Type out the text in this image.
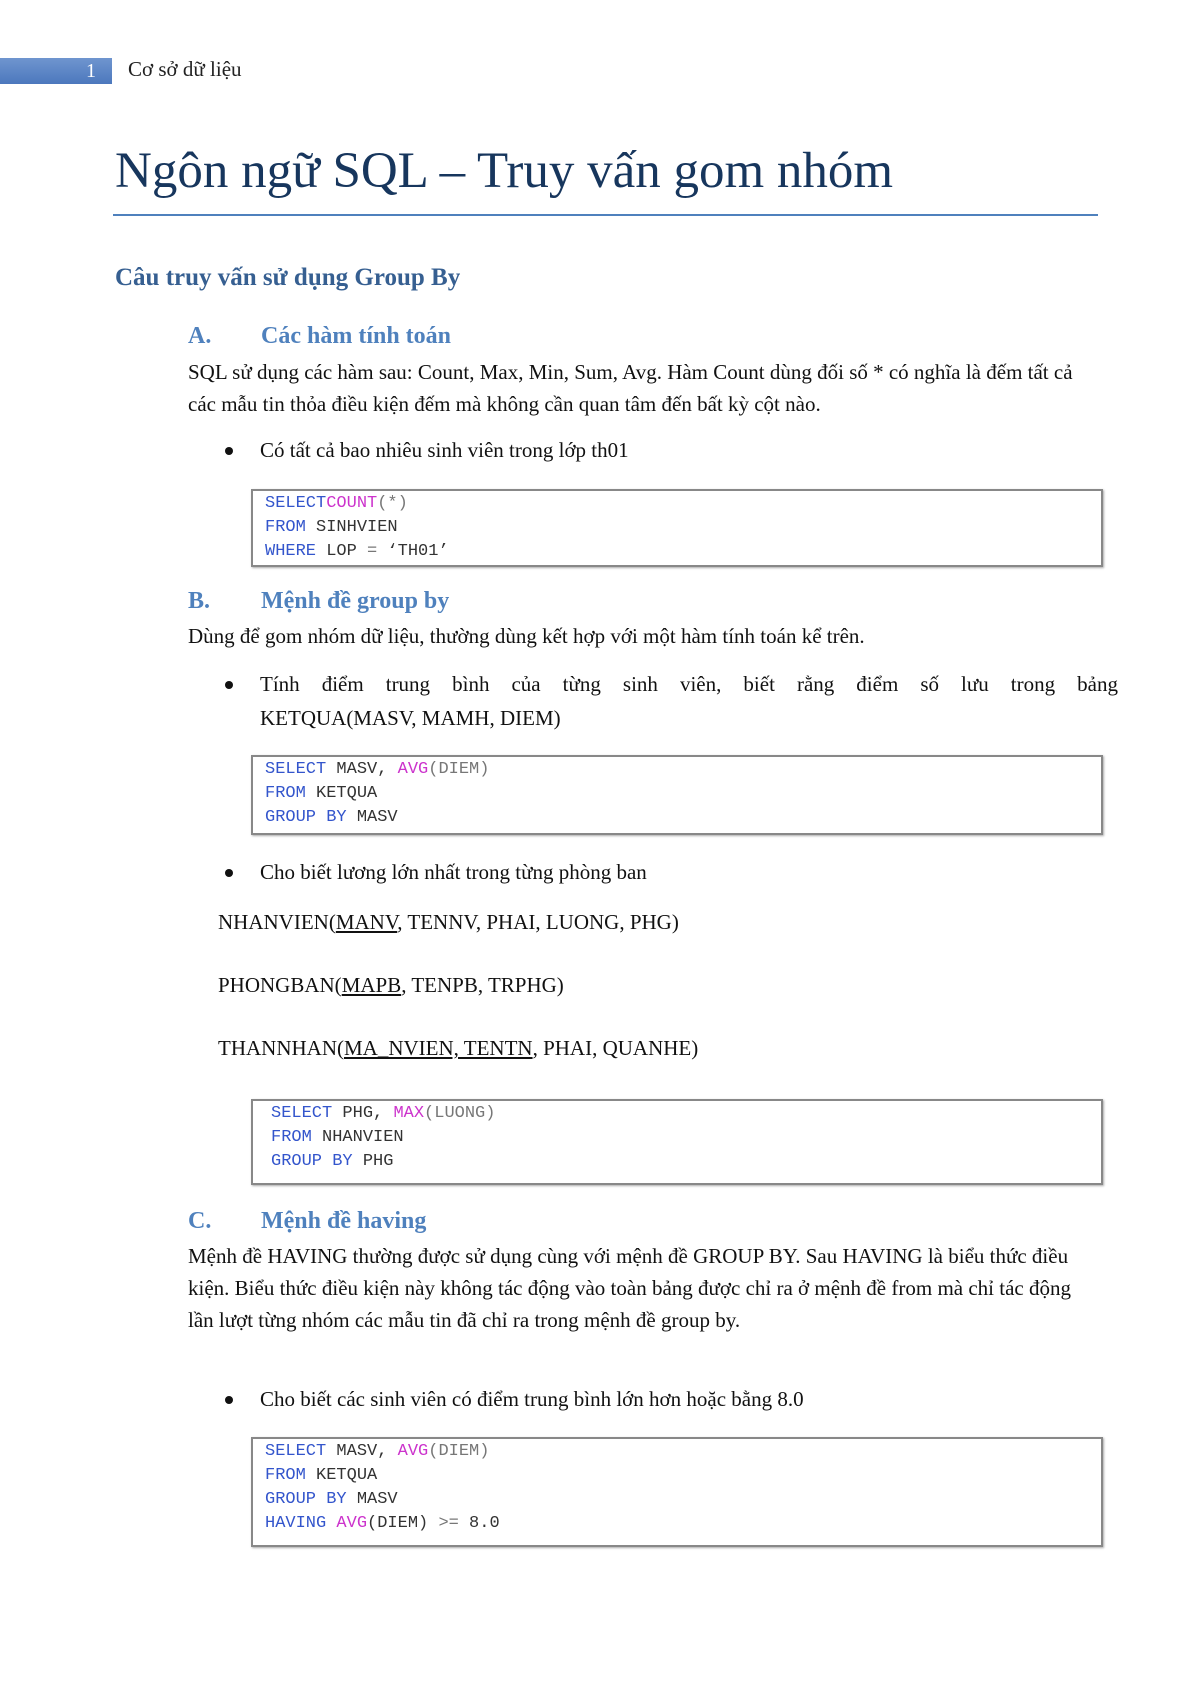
1	Cơ sở dữ liệu
Ngôn ngữ SQL – Truy vấn gom nhóm
Câu truy vấn sử dụng Group By
A. Các hàm tính toán
SQL sử dụng các hàm sau: Count, Max, Min, Sum, Avg. Hàm Count dùng đối số * có nghĩa là đếm tất cả các mẫu tin thỏa điều kiện đếm mà không cần quan tâm đến bất kỳ cột nào.
Có tất cả bao nhiêu sinh viên trong lớp th01
SELECTCOUNT(*)
FROM SINHVIEN
WHERE LOP = ‘TH01’
B. Mệnh đề group by
Dùng để gom nhóm dữ liệu, thường dùng kết hợp với một hàm tính toán kể trên.
Tính điểm trung bình của từng sinh viên, biết rằng điểm số lưu trong bảng
KETQUA(MASV, MAMH, DIEM)
SELECT MASV, AVG(DIEM)
FROM KETQUA
GROUP BY MASV
Cho biết lương lớn nhất trong từng phòng ban
NHANVIEN(MANV, TENNV, PHAI, LUONG, PHG)
PHONGBAN(MAPB, TENPB, TRPHG)
THANNHAN(MA_NVIEN, TENTN, PHAI, QUANHE)
SELECT PHG, MAX(LUONG)
FROM NHANVIEN
GROUP BY PHG
C. Mệnh đề having
Mệnh đề HAVING thường được sử dụng cùng với mệnh đề GROUP BY. Sau HAVING là biểu thức điều kiện. Biểu thức điều kiện này không tác động vào toàn bảng được chỉ ra ở mệnh đề from mà chỉ tác động lần lượt từng nhóm các mẫu tin đã chỉ ra trong mệnh đề group by.
Cho biết các sinh viên có điểm trung bình lớn hơn hoặc bằng 8.0
SELECT MASV, AVG(DIEM)
FROM KETQUA
GROUP BY MASV
HAVING AVG(DIEM) >= 8.0
